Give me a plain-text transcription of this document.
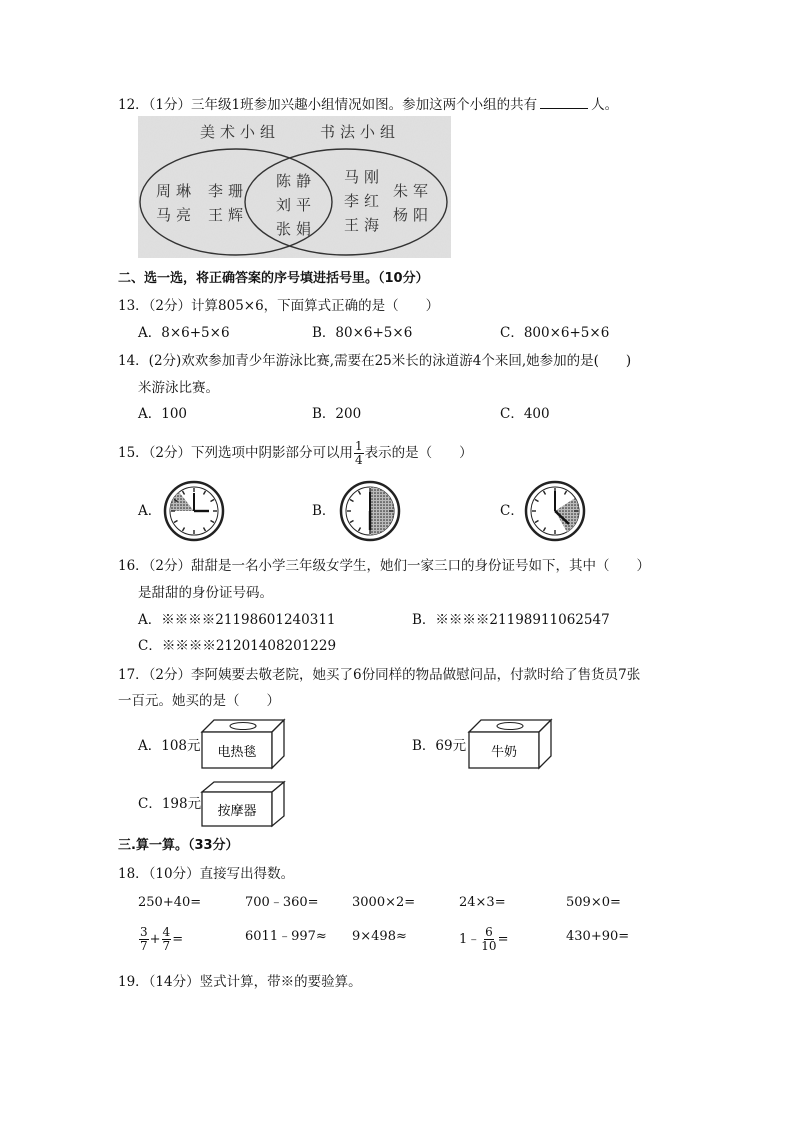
12．（1分）三年级1班参加兴趣小组情况如图。参加这两个小组的共有	人。
美术小组	书法小组
周琳 李珊
马亮 王辉
陈静
刘平
张娟
马刚
李红
王海
朱军
杨阳
二、选一选，将正确答案的序号填进括号里。（10分）
13．（2分）计算805×6，下面算式正确的是（　　）
A．8×6+5×6	B．80×6+5×6	C．800×6+5×6
14．(2分)欢欢参加青少年游泳比赛,需要在25米长的泳道游4个来回,她参加的是(　　)
米游泳比赛。
A．100	B．200	C．400
15．（2分）下列选项中阴影部分可以用 $\frac{1}{4}$ 表示的是（　　）
A．	B．	C．
16．（2分）甜甜是一名小学三年级女学生，她们一家三口的身份证号如下，其中（　　）
是甜甜的身份证号码。
A．※※※※21198601240311	B．※※※※21198911062547
C．※※※※21201408201229
17．（2分）李阿姨要去敬老院，她买了6份同样的物品做慰问品，付款时给了售货员7张
一百元。她买的是（　　）
A．108元 电热毯	B．69元 牛奶
C．198元 按摩器
三.算一算。（33分）
18．（10分）直接写出得数。
250+40=	700﹣360=	3000×2=	24×3=	509×0=
$\frac{3}{7} + \frac{4}{7}$ =	6011﹣997≈ 9×498≈	1﹣ $\frac{6}{10}$ =	430+90=
19．（14分）竖式计算，带※的要验算。
